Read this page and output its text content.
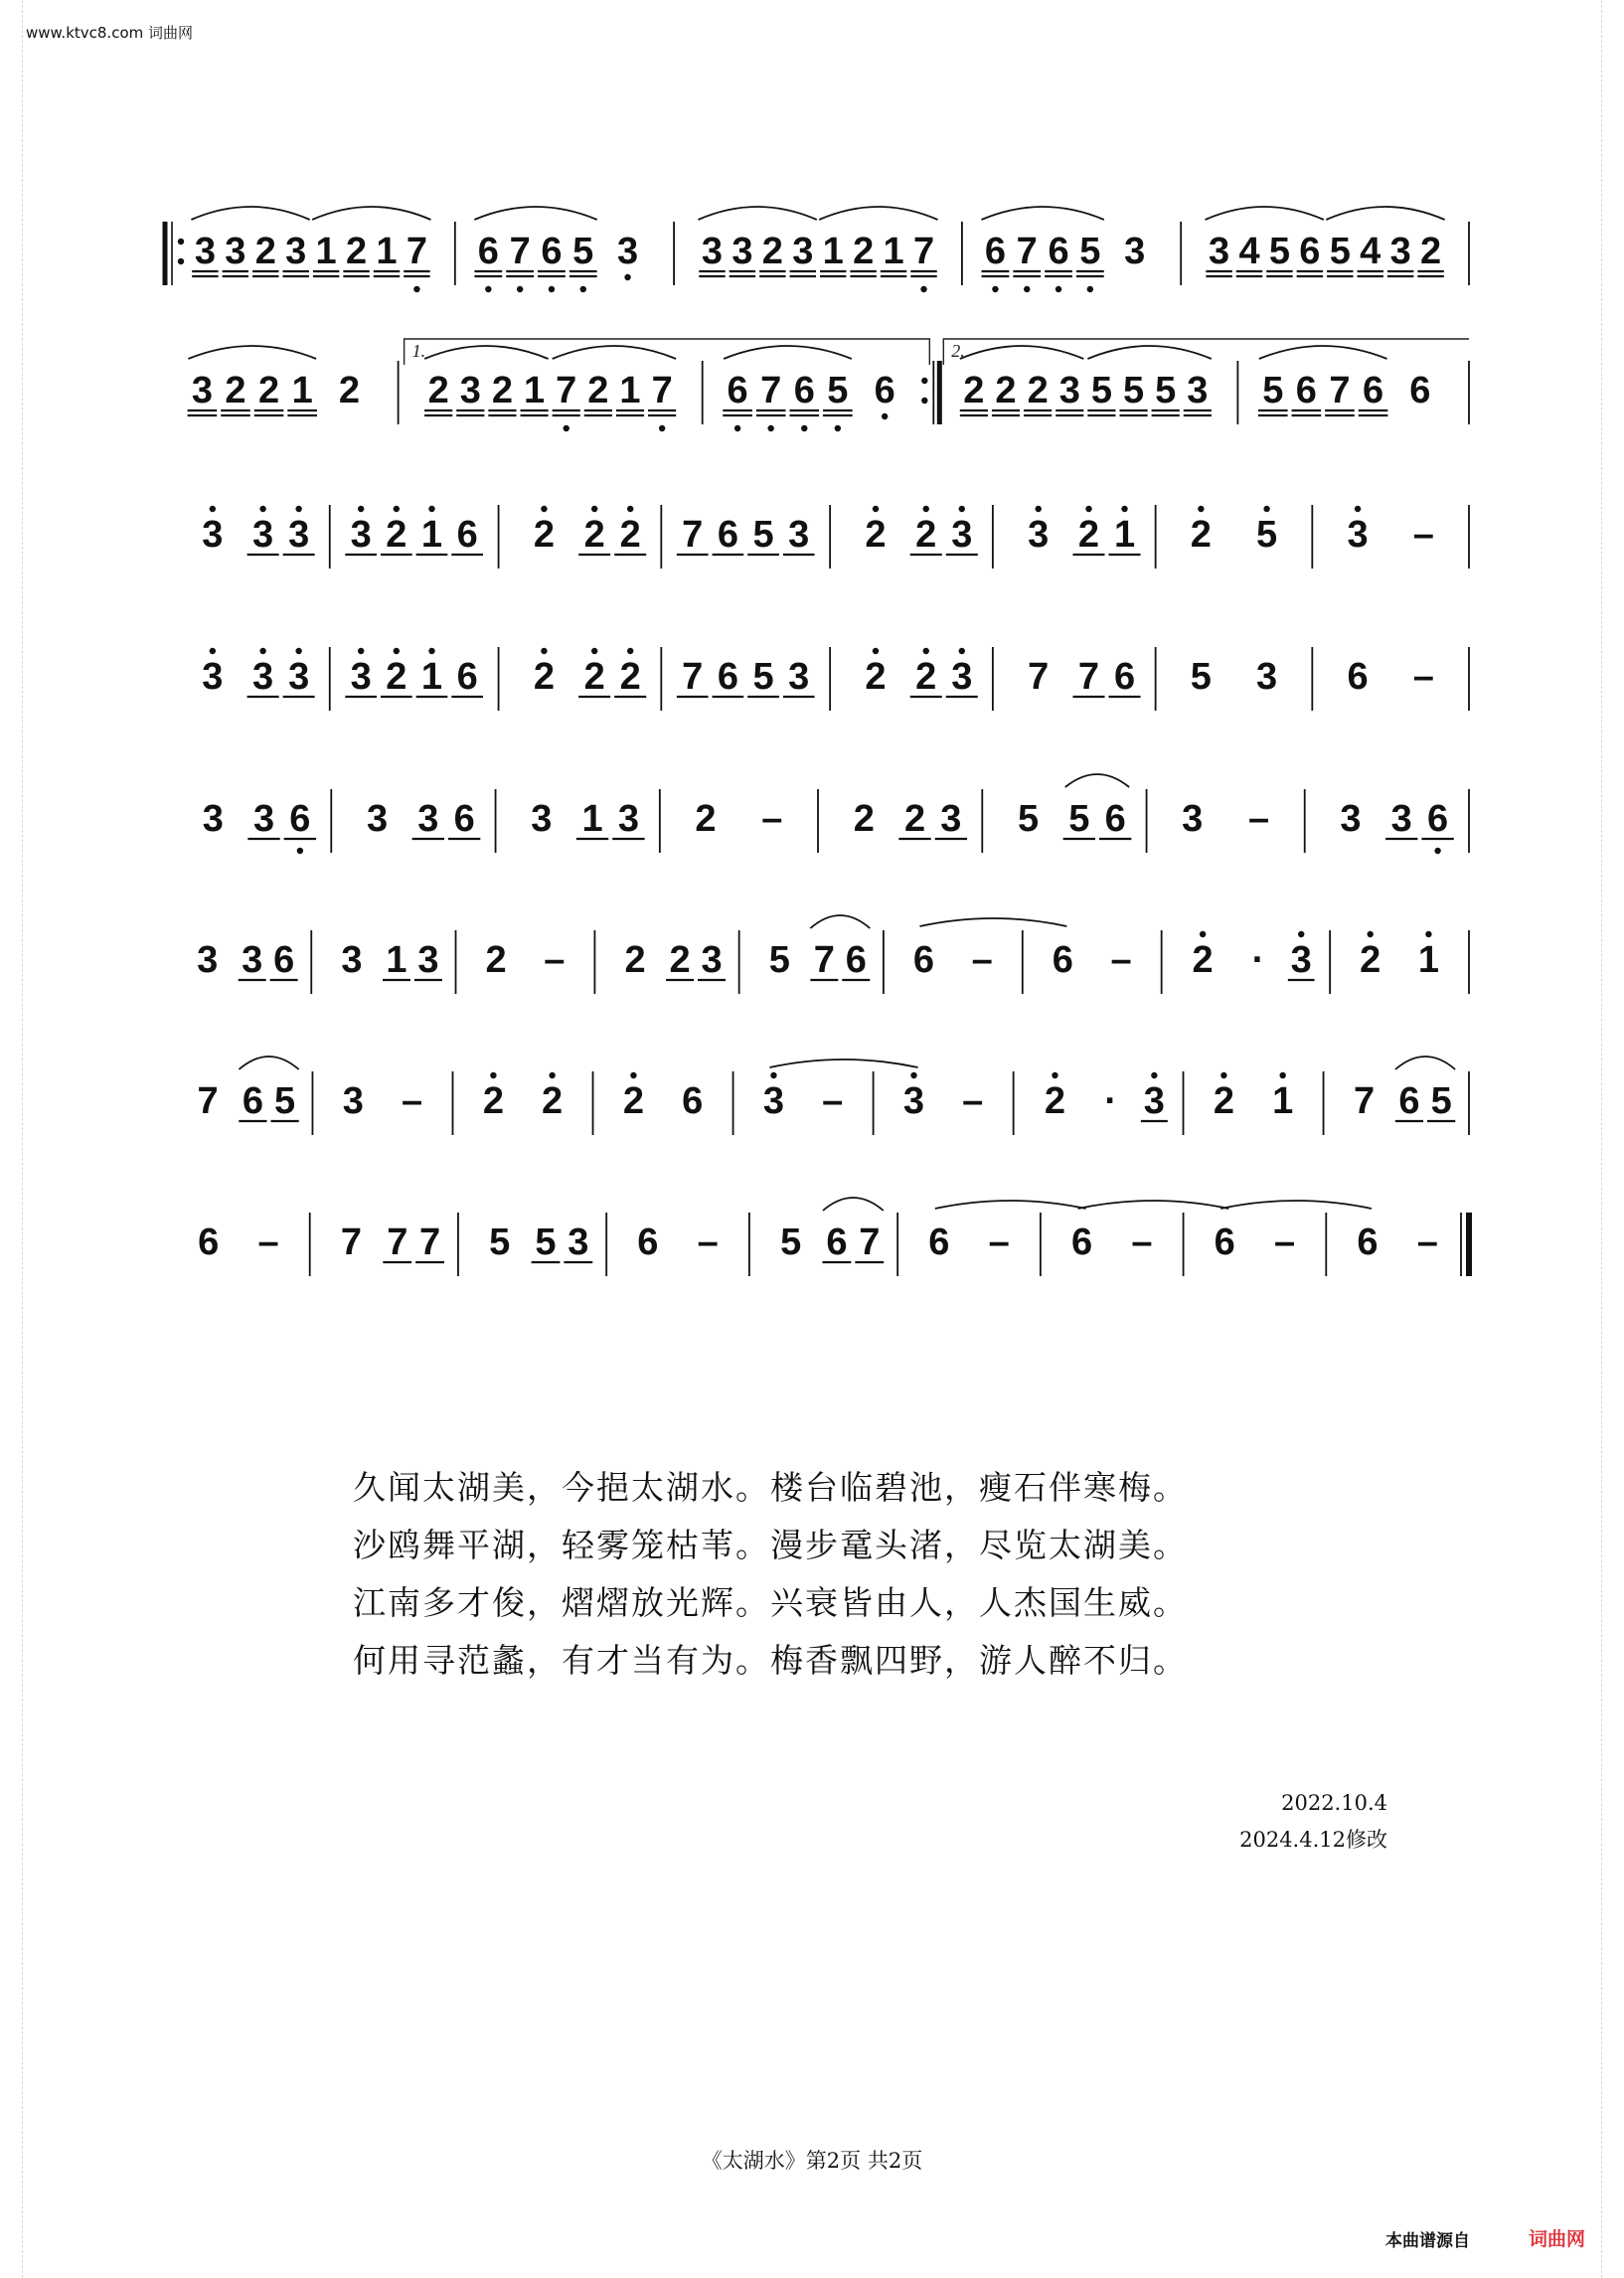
www.ktvc8.com 词曲网
3 3 2 3 1 2 1 7 6 7 6 5 3 3 3 2 3 1 2 1 7 6 7 6 5 3 3 4 5 6 5 4 3 2
3 2 2 1 2 2 3 2 1 7 2 1 7 6 7 6 5 6 2 2 2 3 5 5 5 3 5 6 7 6 6
1.	2.
3 3 3 3 2 1 6 2 2 2 7 6 5 3 2 2 3 3 2 1 2 5 3 –
3 3 3 3 2 1 6 2 2 2 7 6 5 3 2 2 3 7 7 6 5 3 6 –
3 3 6 3 3 6 3 1 3 2 – 2 2 3 5 5 6 3 – 3 3 6
3 3 6 3 1 3 2 – 2 2 3 5 7 6 6 – 6 – 2 · 3 2 1
7 6 5 3 – 2 2 2 6 3 – 3 – 2 · 3 2 1 7 6 5
6 – 7 7 7 5 5 3 6 – 5 6 7 6 – 6 – 6 – 6 –
久闻太湖美，今挹太湖水。楼台临碧池，瘦石伴寒梅。
沙鸥舞平湖，轻雾笼枯苇。漫步鼋头渚，尽览太湖美。
江南多才俊，熠熠放光辉。兴衰皆由人，人杰国生威。
何用寻范蠡，有才当有为。梅香飘四野，游人醉不归。
2022.10.4
2024.4.12修改
《太湖水》第2页 共2页
本曲谱源自	词曲网
